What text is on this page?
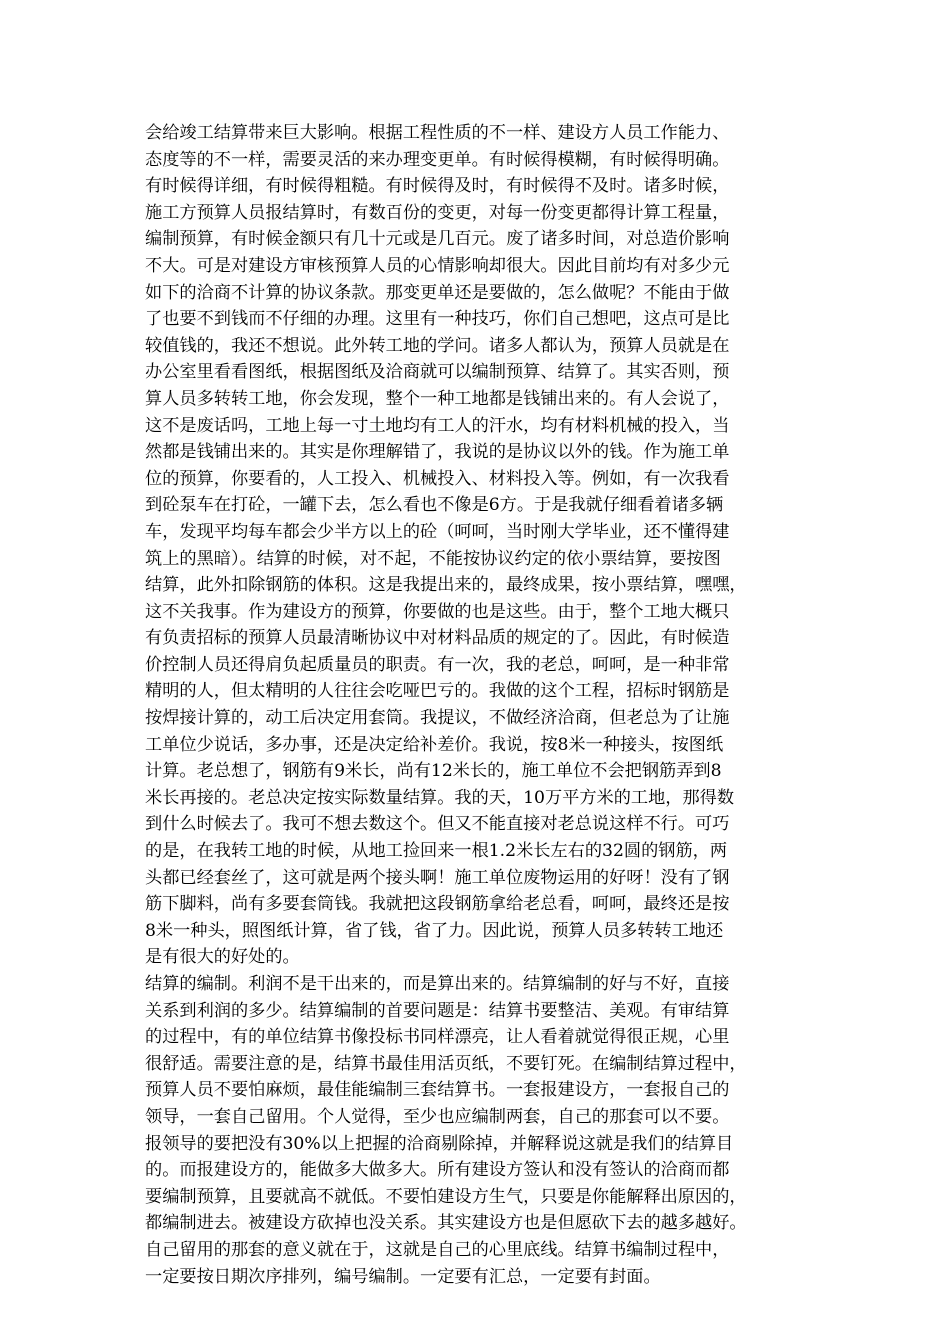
会给竣工结算带来巨大影响。根据工程性质的不一样、建设方人员工作能力、
态度等的不一样，需要灵活的来办理变更单。有时候得模糊，有时候得明确。
有时候得详细，有时候得粗糙。有时候得及时，有时候得不及时。诸多时候，
施工方预算人员报结算时，有数百份的变更，对每一份变更都得计算工程量，
编制预算，有时候金额只有几十元或是几百元。废了诸多时间，对总造价影响
不大。可是对建设方审核预算人员的心情影响却很大。因此目前均有对多少元
如下的洽商不计算的协议条款。那变更单还是要做的，怎么做呢？不能由于做
了也要不到钱而不仔细的办理。这里有一种技巧，你们自己想吧，这点可是比
较值钱的，我还不想说。此外转工地的学问。诸多人都认为，预算人员就是在
办公室里看看图纸，根据图纸及洽商就可以编制预算、结算了。其实否则，预
算人员多转转工地，你会发现，整个一种工地都是钱铺出来的。有人会说了，
这不是废话吗，工地上每一寸土地均有工人的汗水，均有材料机械的投入，当
然都是钱铺出来的。其实是你理解错了，我说的是协议以外的钱。作为施工单
位的预算，你要看的，人工投入、机械投入、材料投入等。例如，有一次我看
到砼泵车在打砼，一罐下去，怎么看也不像是6方。于是我就仔细看着诸多辆
车，发现平均每车都会少半方以上的砼（呵呵，当时刚大学毕业，还不懂得建
筑上的黑暗）。结算的时候，对不起，不能按协议约定的依小票结算，要按图
结算，此外扣除钢筋的体积。这是我提出来的，最终成果，按小票结算，嘿嘿，
这不关我事。作为建设方的预算，你要做的也是这些。由于，整个工地大概只
有负责招标的预算人员最清晰协议中对材料品质的规定的了。因此，有时候造
价控制人员还得肩负起质量员的职责。有一次，我的老总，呵呵，是一种非常
精明的人，但太精明的人往往会吃哑巴亏的。我做的这个工程，招标时钢筋是
按焊接计算的，动工后决定用套筒。我提议，不做经济洽商，但老总为了让施
工单位少说话，多办事，还是决定给补差价。我说，按8米一种接头，按图纸
计算。老总想了，钢筋有9米长，尚有12米长的，施工单位不会把钢筋弄到8
米长再接的。老总决定按实际数量结算。我的天，10万平方米的工地，那得数
到什么时候去了。我可不想去数这个。但又不能直接对老总说这样不行。可巧
的是，在我转工地的时候，从地工捡回来一根1.2米长左右的32圆的钢筋，两
头都已经套丝了，这可就是两个接头啊！施工单位废物运用的好呀！没有了钢
筋下脚料，尚有多要套筒钱。我就把这段钢筋拿给老总看，呵呵，最终还是按
8米一种头，照图纸计算，省了钱，省了力。因此说，预算人员多转转工地还
是有很大的好处的。
结算的编制。利润不是干出来的，而是算出来的。结算编制的好与不好，直接
关系到利润的多少。结算编制的首要问题是：结算书要整洁、美观。有审结算
的过程中，有的单位结算书像投标书同样漂亮，让人看着就觉得很正规，心里
很舒适。需要注意的是，结算书最佳用活页纸，不要钉死。在编制结算过程中，
预算人员不要怕麻烦，最佳能编制三套结算书。一套报建设方，一套报自己的
领导，一套自己留用。个人觉得，至少也应编制两套，自己的那套可以不要。
报领导的要把没有30%以上把握的洽商剔除掉，并解释说这就是我们的结算目
的。而报建设方的，能做多大做多大。所有建设方签认和没有签认的洽商而都
要编制预算，且要就高不就低。不要怕建设方生气，只要是你能解释出原因的，
都编制进去。被建设方砍掉也没关系。其实建设方也是但愿砍下去的越多越好。
自己留用的那套的意义就在于，这就是自己的心里底线。结算书编制过程中，
一定要按日期次序排列，编号编制。一定要有汇总，一定要有封面。
